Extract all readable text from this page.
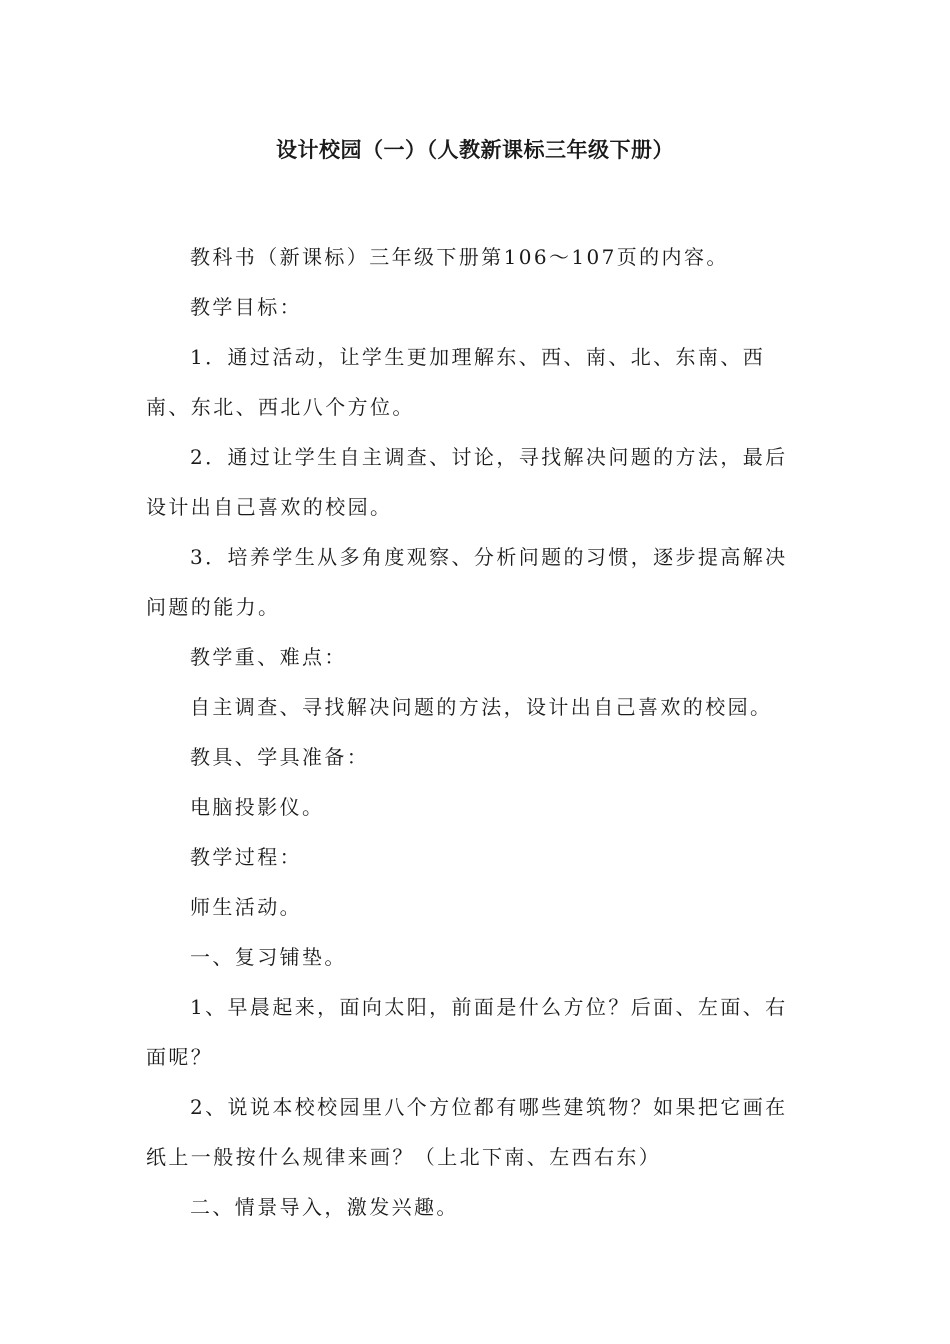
设计校园（一）（人教新课标三年级下册）

教科书（新课标）三年级下册第106～107页的内容。

教学目标：

1．通过活动，让学生更加理解东、西、南、北、东南、西南、东北、西北八个方位。

2．通过让学生自主调查、讨论，寻找解决问题的方法，最后设计出自己喜欢的校园。

3．培养学生从多角度观察、分析问题的习惯，逐步提高解决问题的能力。

教学重、难点：

自主调查、寻找解决问题的方法，设计出自己喜欢的校园。

教具、学具准备：

电脑投影仪。

教学过程：

师生活动。

一、复习铺垫。

1、早晨起来，面向太阳，前面是什么方位？后面、左面、右面呢？

2、说说本校校园里八个方位都有哪些建筑物？如果把它画在纸上一般按什么规律来画？（上北下南、左西右东）

二、情景导入，激发兴趣。
